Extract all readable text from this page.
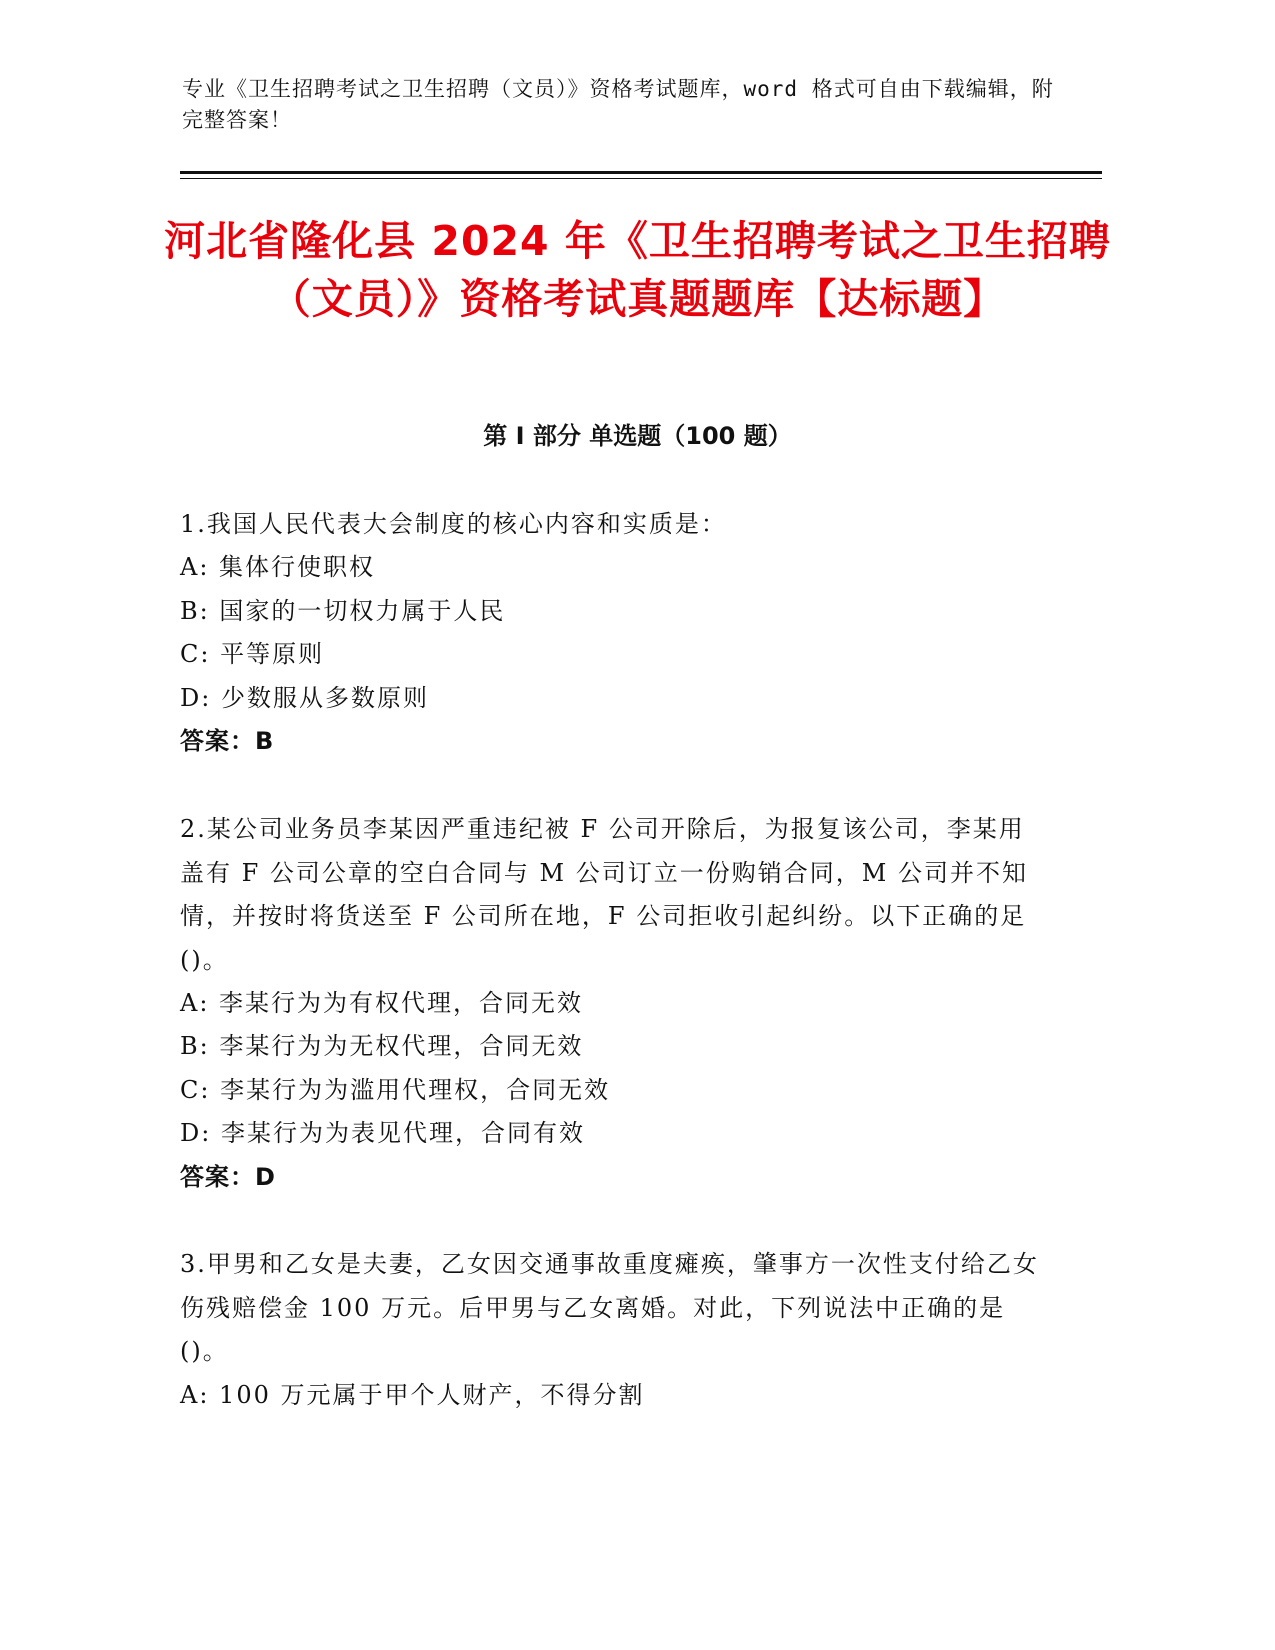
专业《卫生招聘考试之卫生招聘（文员）》资格考试题库，word 格式可自由下载编辑，附完整答案！
河北省隆化县 2024 年《卫生招聘考试之卫生招聘（文员）》资格考试真题题库【达标题】
第 I 部分 单选题（100 题）
1.我国人民代表大会制度的核心内容和实质是：
A: 集体行使职权
B: 国家的一切权力属于人民
C: 平等原则
D: 少数服从多数原则
答案：B
2.某公司业务员李某因严重违纪被 F 公司开除后，为报复该公司，李某用盖有 F 公司公章的空白合同与 M 公司订立一份购销合同，M 公司并不知情，并按时将货送至 F 公司所在地，F 公司拒收引起纠纷。以下正确的足()。
A: 李某行为为有权代理，合同无效
B: 李某行为为无权代理，合同无效
C: 李某行为为滥用代理权，合同无效
D: 李某行为为表见代理，合同有效
答案：D
3.甲男和乙女是夫妻，乙女因交通事故重度瘫痪，肇事方一次性支付给乙女伤残赔偿金 100 万元。后甲男与乙女离婚。对此，下列说法中正确的是()。
A: 100 万元属于甲个人财产，不得分割
